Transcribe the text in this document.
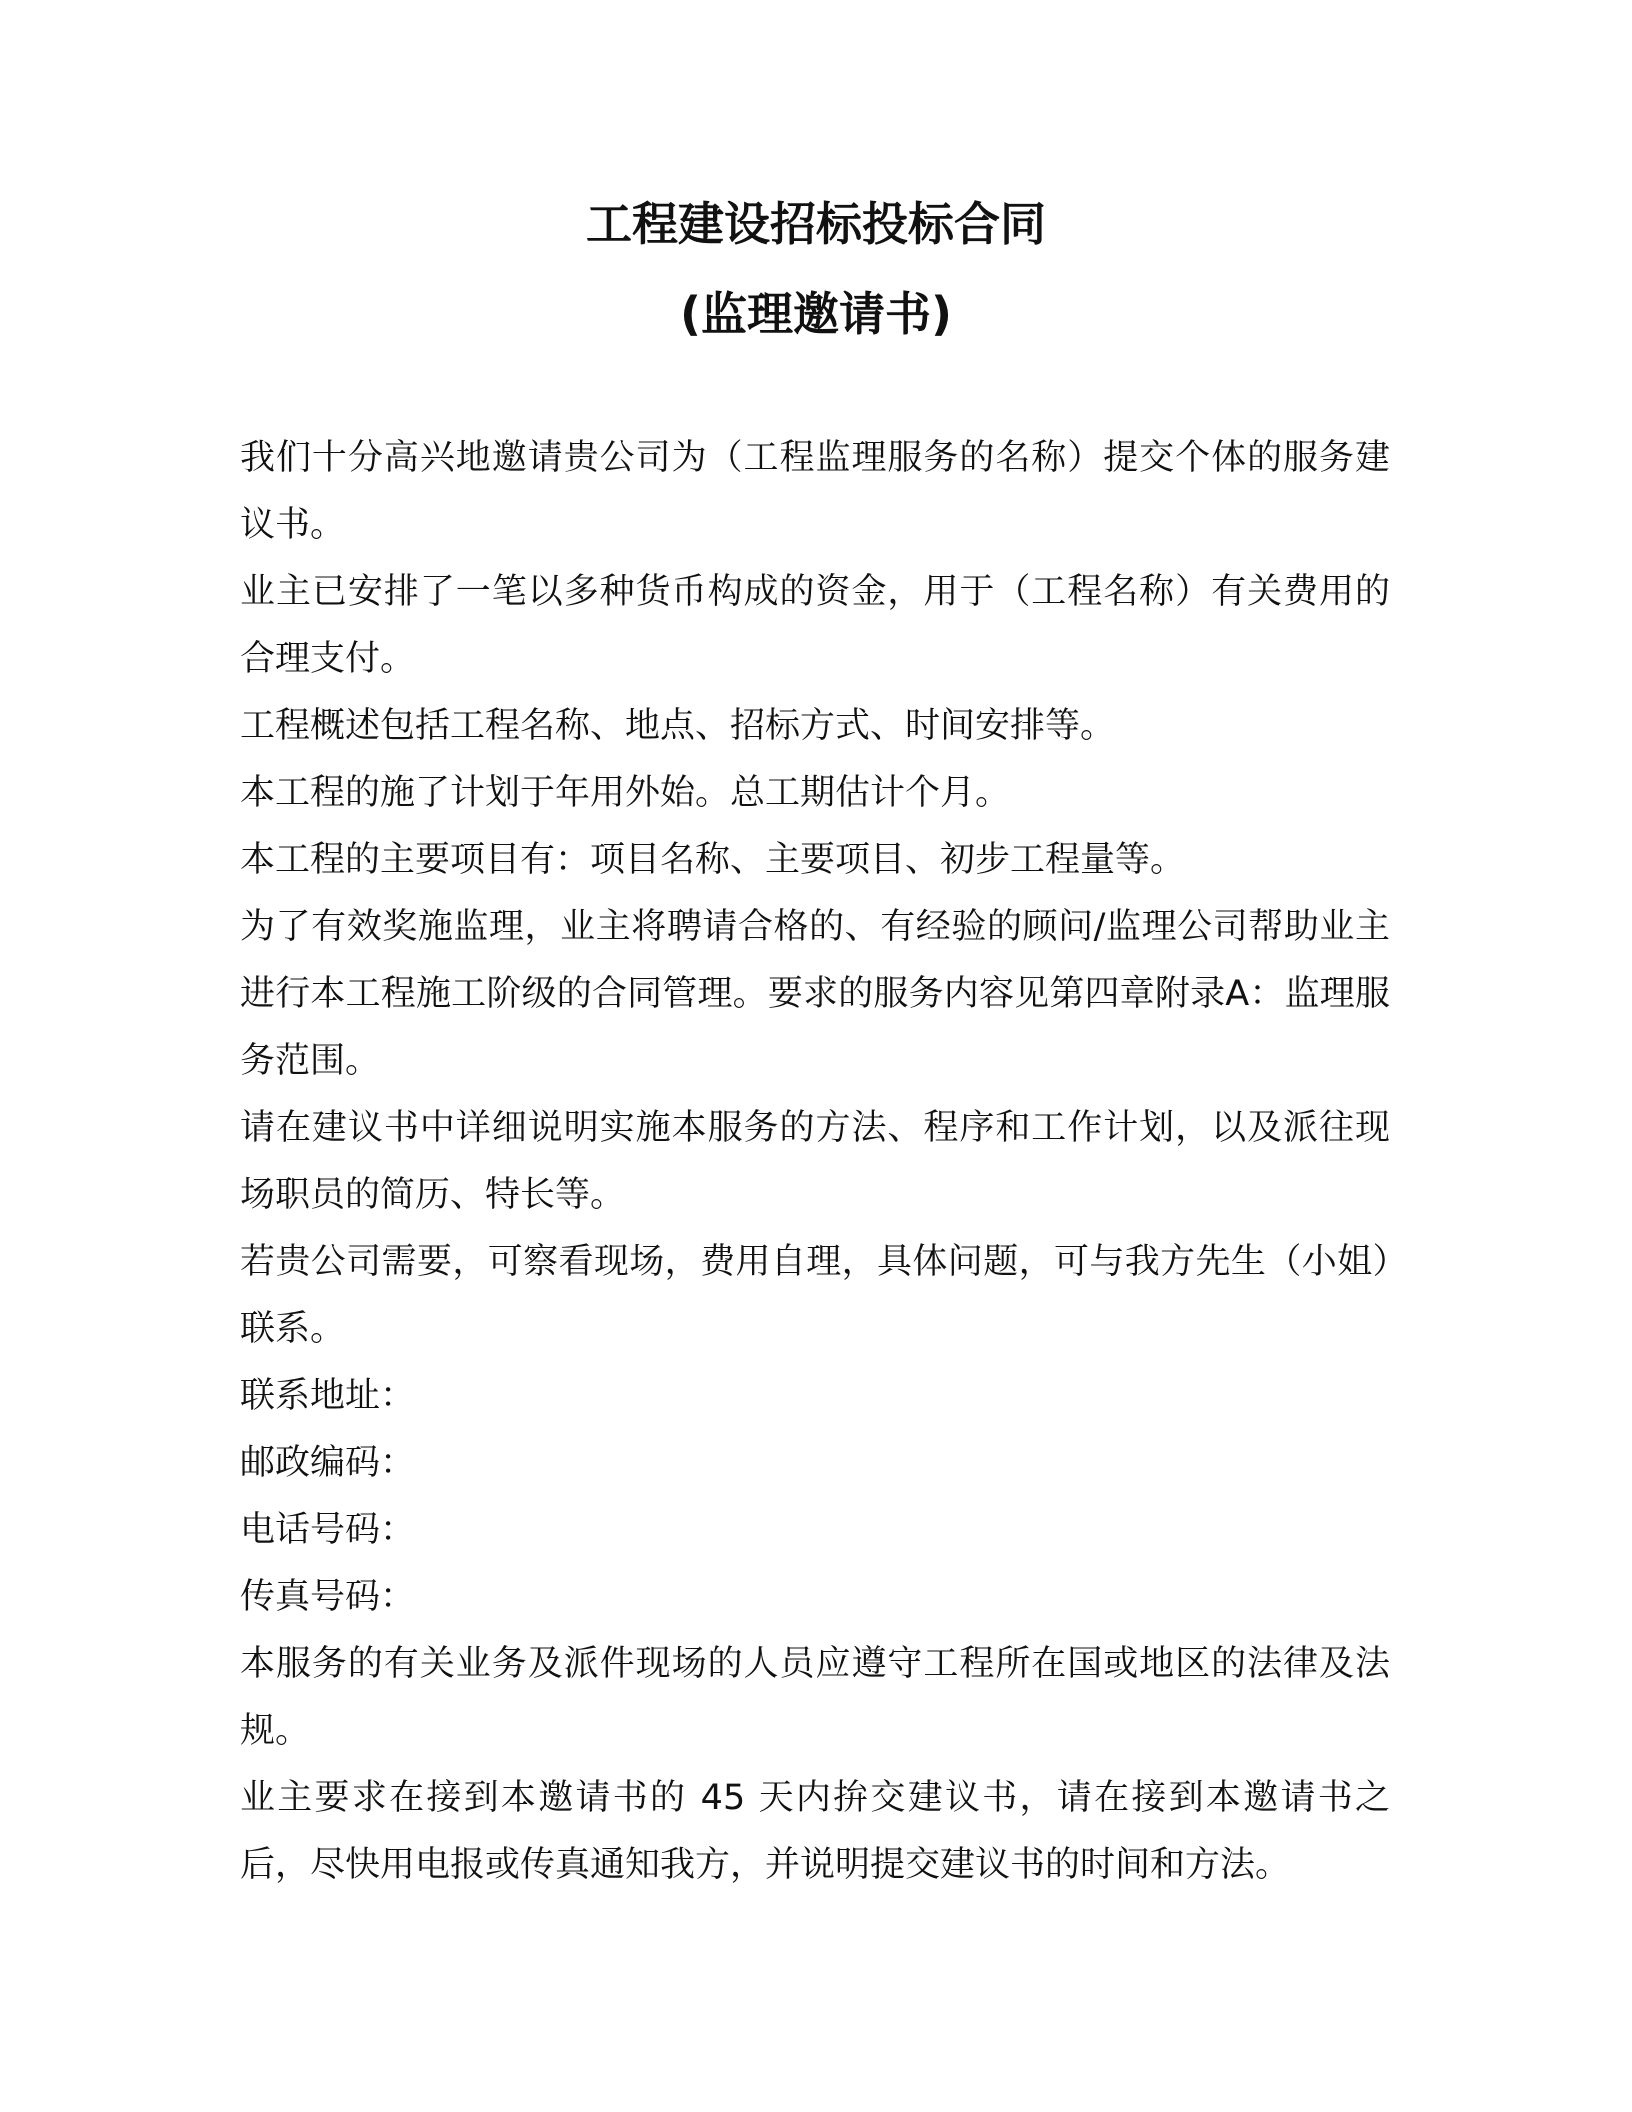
工程建设招标投标合同
(监理邀请书)

我们十分高兴地邀请贵公司为（工程监理服务的名称）提交个体的服务建议书。

业主已安排了一笔以多种货币构成的资金，用于（工程名称）有关费用的合理支付。

工程概述包括工程名称、地点、招标方式、时间安排等。

本工程的施了计划于年用外始。总工期估计个月。

本工程的主要项目有：项目名称、主要项目、初步工程量等。

为了有效奖施监理，业主将聘请合格的、有经验的顾问/监理公司帮助业主进行本工程施工阶级的合同管理。要求的服务内容见第四章附录A：监理服务范围。

请在建议书中详细说明实施本服务的方法、程序和工作计划，以及派往现场职员的简历、特长等。

若贵公司需要，可察看现场，费用自理，具体问题，可与我方先生（小姐）联系。

联系地址：

邮政编码：

电话号码：

传真号码：

本服务的有关业务及派件现场的人员应遵守工程所在国或地区的法律及法规。

业主要求在接到本邀请书的 45 天内拚交建议书，请在接到本邀请书之后，尽快用电报或传真通知我方，并说明提交建议书的时间和方法。
